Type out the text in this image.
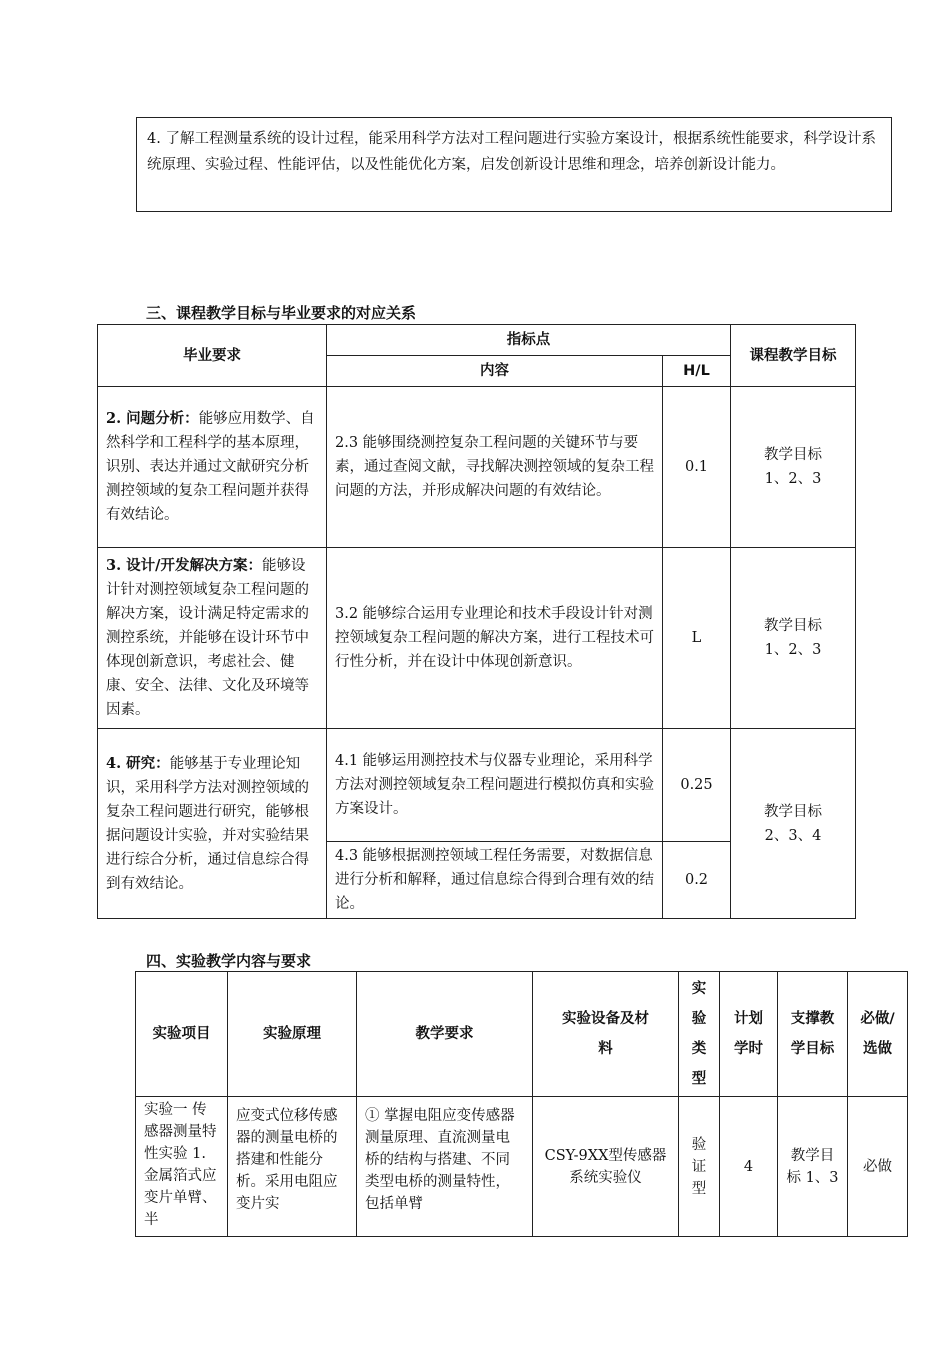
4. 了解工程测量系统的设计过程，能采用科学方法对工程问题进行实验方案设计，根据系统性能要求，科学设计系统原理、实验过程、性能评估，以及性能优化方案，启发创新设计思维和理念，培养创新设计能力。
三、课程教学目标与毕业要求的对应关系
毕业要求	指标点		课程教学目标
	内容	H/L	
2. 问题分析：能够应用数学、自然科学和工程科学的基本原理，识别、表达并通过文献研究分析测控领域的复杂工程问题并获得有效结论。	2.3 能够围绕测控复杂工程问题的关键环节与要素，通过查阅文献，寻找解决测控领域的复杂工程问题的方法，并形成解决问题的有效结论。	0.1	教学目标
1、2、3

3. 设计/开发解决方案：能够设计针对测控领域复杂工程问题的解决方案，设计满足特定需求的测控系统，并能够在设计环节中体现创新意识，考虑社会、健康、安全、法律、文化及环境等因素。	3.2 能够综合运用专业理论和技术手段设计针对测控领域复杂工程问题的解决方案，进行工程技术可行性分析，并在设计中体现创新意识。	L	教学目标
1、2、3

4. 研究：能够基于专业理论知识，采用科学方法对测控领域的复杂工程问题进行研究，能够根据问题设计实验，并对实验结果进行综合分析，通过信息综合得到有效结论。	4.1 能够运用测控技术与仪器专业理论，采用科学方法对测控领域复杂工程问题进行模拟仿真和实验方案设计。	0.25	教学目标
2、3、4

	4.3 能够根据测控领域工程任务需要，对数据信息进行分析和解释，通过信息综合得到合理有效的结论。	0.2	
四、实验教学内容与要求
实验项目	实验原理	教学要求	实验设备及材料	实验类型	计划学时	支撑教学目标	必做/选做
实验一 传感器测量特性实验 1. 金属箔式应变片单臂、半	应变式位移传感器的测量电桥的搭建和性能分析。采用电阻应变片实	① 掌握电阻应变传感器测量原理、直流测量电桥的结构与搭建、不同类型电桥的测量特性，包括单臂	CSY-9XX型传感器系统实验仪	验证型	4	教学目标 1、3	必做
